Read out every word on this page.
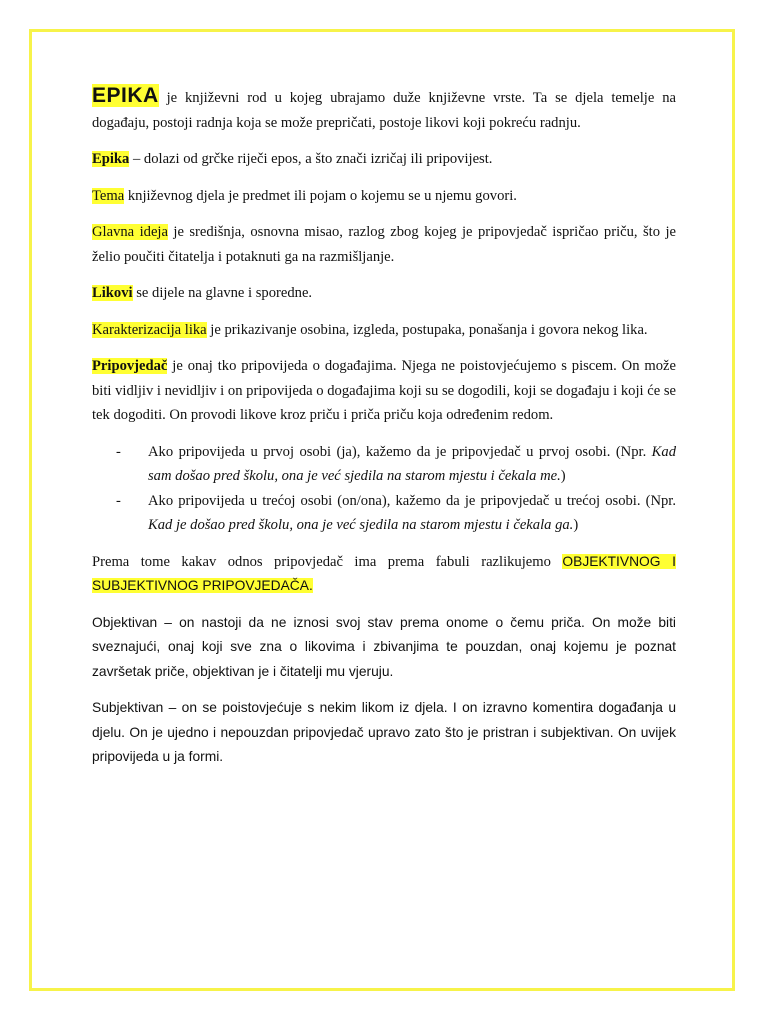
EPIKA je književni rod u kojeg ubrajamo duže književne vrste. Ta se djela temelje na događaju, postoji radnja koja se može prepričati, postoje likovi koji pokreću radnju.

Epika – dolazi od grčke riječi epos, a što znači izričaj ili pripovijest.

Tema književnog djela je predmet ili pojam o kojemu se u njemu govori.

Glavna ideja je središnja, osnovna misao, razlog zbog kojeg je pripovjedač ispričao priču, što je želio poučiti čitatelja i potaknuti ga na razmišljanje.

Likovi se dijele na glavne i sporedne.

Karakterizacija lika je prikazivanje osobina, izgleda, postupaka, ponašanja i govora nekog lika.

Pripovjedač je onaj tko pripovijeda o događajima. Njega ne poistovjećujemo s piscem. On može biti vidljiv i nevidljiv i on pripovijeda o događajima koji su se dogodili, koji se događaju i koji će se tek dogoditi. On provodi likove kroz priču i priča priču koja određenim redom.

- Ako pripovijeda u prvoj osobi (ja), kažemo da je pripovjedač u prvoj osobi. (Npr. Kad sam došao pred školu, ona je već sjedila na starom mjestu i čekala me.)
- Ako pripovijeda u trećoj osobi (on/ona), kažemo da je pripovjedač u trećoj osobi. (Npr. Kad je došao pred školu, ona je već sjedila na starom mjestu i čekala ga.)

Prema tome kakav odnos pripovjedač ima prema fabuli razlikujemo OBJEKTIVNOG I SUBJEKTIVNOG PRIPOVJEDAČA.

Objektivan – on nastoji da ne iznosi svoj stav prema onome o čemu priča. On može biti sveznajući, onaj koji sve zna o likovima i zbivanjima te pouzdan, onaj kojemu je poznat završetak priče, objektivan je i čitatelji mu vjeruju.

Subjektivan – on se poistovjećuje s nekim likom iz djela. I on izravno komentira događanja u djelu. On je ujedno i nepouzdan pripovjedač upravo zato što je pristran i subjektivan. On uvijek pripovijeda u ja formi.
